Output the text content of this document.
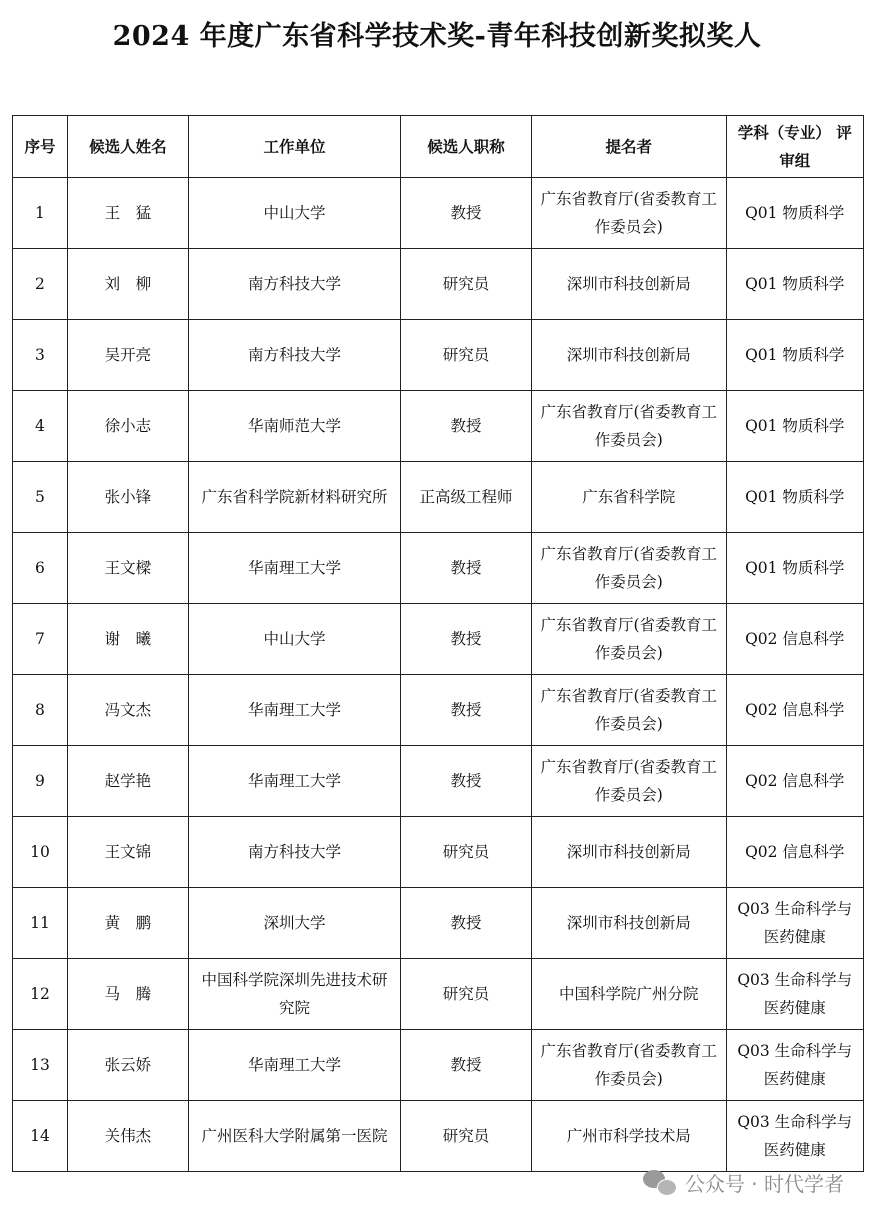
2024 年度广东省科学技术奖-青年科技创新奖拟奖人
序号	候选人姓名	工作单位	候选人职称	提名者	学科（专业） 评审组
1	王　猛	中山大学	教授	广东省教育厅(省委教育工作委员会)	Q01 物质科学
2	刘　柳	南方科技大学	研究员	深圳市科技创新局	Q01 物质科学
3	吴开亮	南方科技大学	研究员	深圳市科技创新局	Q01 物质科学
4	徐小志	华南师范大学	教授	广东省教育厅(省委教育工作委员会)	Q01 物质科学
5	张小锋	广东省科学院新材料研究所	正高级工程师	广东省科学院	Q01 物质科学
6	王文樑	华南理工大学	教授	广东省教育厅(省委教育工作委员会)	Q01 物质科学
7	谢　曦	中山大学	教授	广东省教育厅(省委教育工作委员会)	Q02 信息科学
8	冯文杰	华南理工大学	教授	广东省教育厅(省委教育工作委员会)	Q02 信息科学
9	赵学艳	华南理工大学	教授	广东省教育厅(省委教育工作委员会)	Q02 信息科学
10	王文锦	南方科技大学	研究员	深圳市科技创新局	Q02 信息科学
11	黄　鹏	深圳大学	教授	深圳市科技创新局	Q03 生命科学与医药健康
12	马　腾	中国科学院深圳先进技术研究院	研究员	中国科学院广州分院	Q03 生命科学与医药健康
13	张云娇	华南理工大学	教授	广东省教育厅(省委教育工作委员会)	Q03 生命科学与医药健康
14	关伟杰	广州医科大学附属第一医院	研究员	广州市科学技术局	Q03 生命科学与医药健康
公众号 · 时代学者
